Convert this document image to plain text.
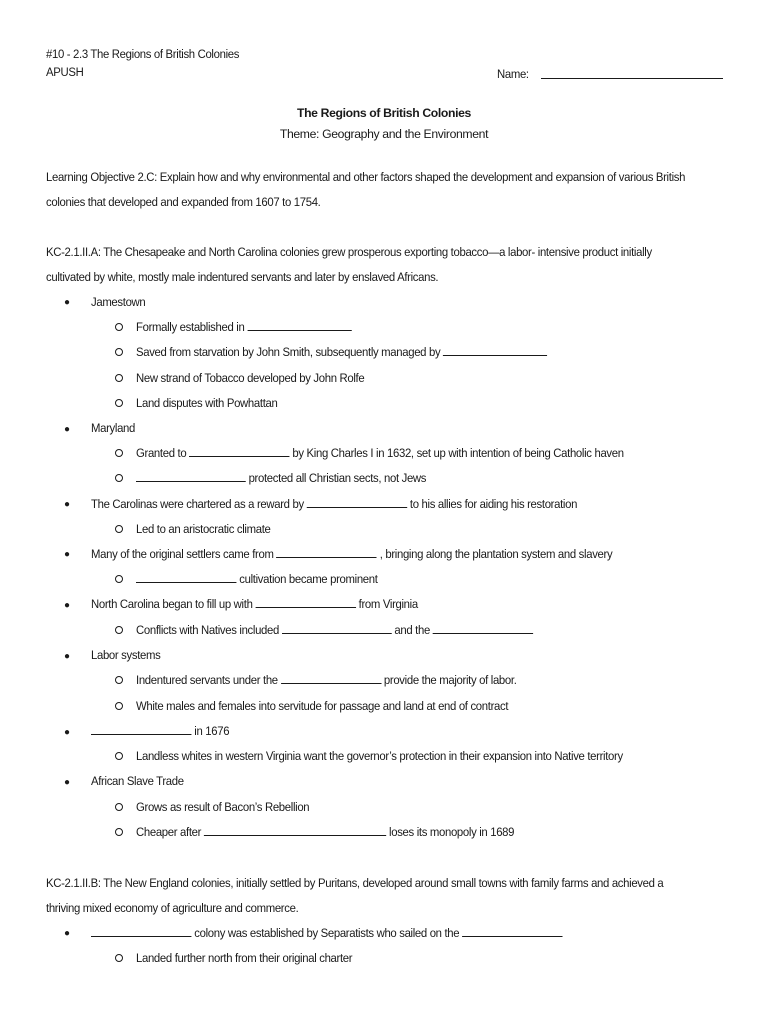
#10 - 2.3 The Regions of British Colonies
APUSH	Name:
The Regions of British Colonies
Theme: Geography and the Environment
Learning Objective 2.C: Explain how and why environmental and other factors shaped the development and expansion of various British
colonies that developed and expanded from 1607 to 1754.
KC-2.1.II.A: The Chesapeake and North Carolina colonies grew prosperous exporting tobacco—a labor- intensive product initially
cultivated by white, mostly male indentured servants and later by enslaved Africans.
● Jamestown
Formally established in
Saved from starvation by John Smith, subsequently managed by
New strand of Tobacco developed by John Rolfe
Land disputes with Powhattan
● Maryland
Granted to	by King Charles I in 1632, set up with intention of being Catholic haven
protected all Christian sects, not Jews
● The Carolinas were chartered as a reward by	to his allies for aiding his restoration
Led to an aristocratic climate
● Many of the original settlers came from	, bringing along the plantation system and slavery
cultivation became prominent
● North Carolina began to fill up with	from Virginia
Conflicts with Natives included	and the
● Labor systems
Indentured servants under the	provide the majority of labor.
White males and females into servitude for passage and land at end of contract
●	in 1676
Landless whites in western Virginia want the governor’s protection in their expansion into Native territory
● African Slave Trade
Grows as result of Bacon’s Rebellion
Cheaper after	loses its monopoly in 1689
KC-2.1.II.B: The New England colonies, initially settled by Puritans, developed around small towns with family farms and achieved a
thriving mixed economy of agriculture and commerce.
●	colony was established by Separatists who sailed on the
Landed further north from their original charter
